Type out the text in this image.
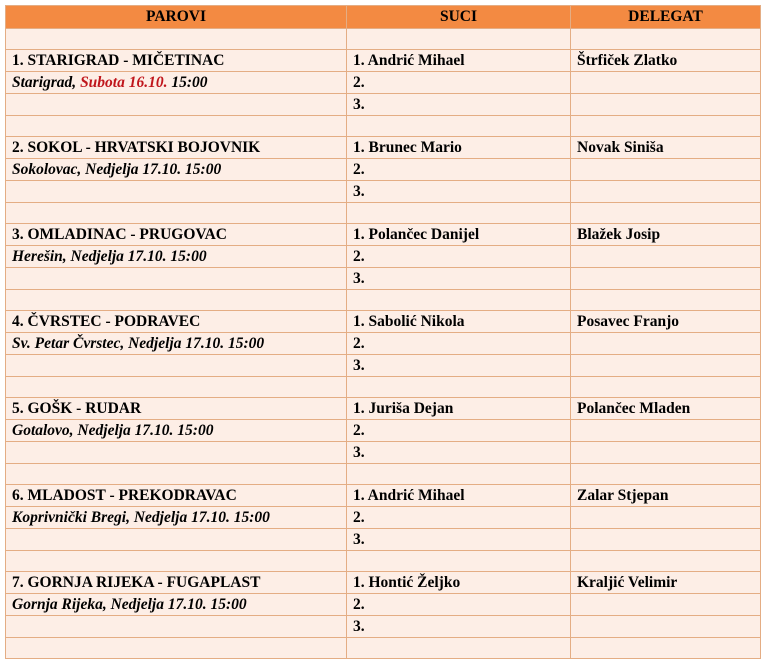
PAROVI	SUCI	DELEGAT

1. STARIGRAD - MIČETINAC	1. Andrić Mihael	Štrfiček Zlatko
Starigrad, Subota 16.10. 15:00	2.	
	3.	

2. SOKOL - HRVATSKI BOJOVNIK	1. Brunec Mario	Novak Siniša
Sokolovac, Nedjelja 17.10. 15:00	2.	
	3.	

3. OMLADINAC - PRUGOVAC	1. Polančec Danijel	Blažek Josip
Herešin, Nedjelja 17.10. 15:00	2.	
	3.	

4. ČVRSTEC - PODRAVEC	1. Sabolić Nikola	Posavec Franjo
Sv. Petar Čvrstec, Nedjelja 17.10. 15:00	2.	
	3.	

5. GOŠK - RUDAR	1. Juriša Dejan	Polančec Mladen
Gotalovo, Nedjelja 17.10. 15:00	2.	
	3.	

6. MLADOST - PREKODRAVAC	1. Andrić Mihael	Zalar Stjepan
Koprivnički Bregi, Nedjelja 17.10. 15:00	2.	
	3.	

7. GORNJA RIJEKA - FUGAPLAST	1. Hontić Željko	Kraljić Velimir
Gornja Rijeka, Nedjelja 17.10. 15:00	2.	
	3.	
